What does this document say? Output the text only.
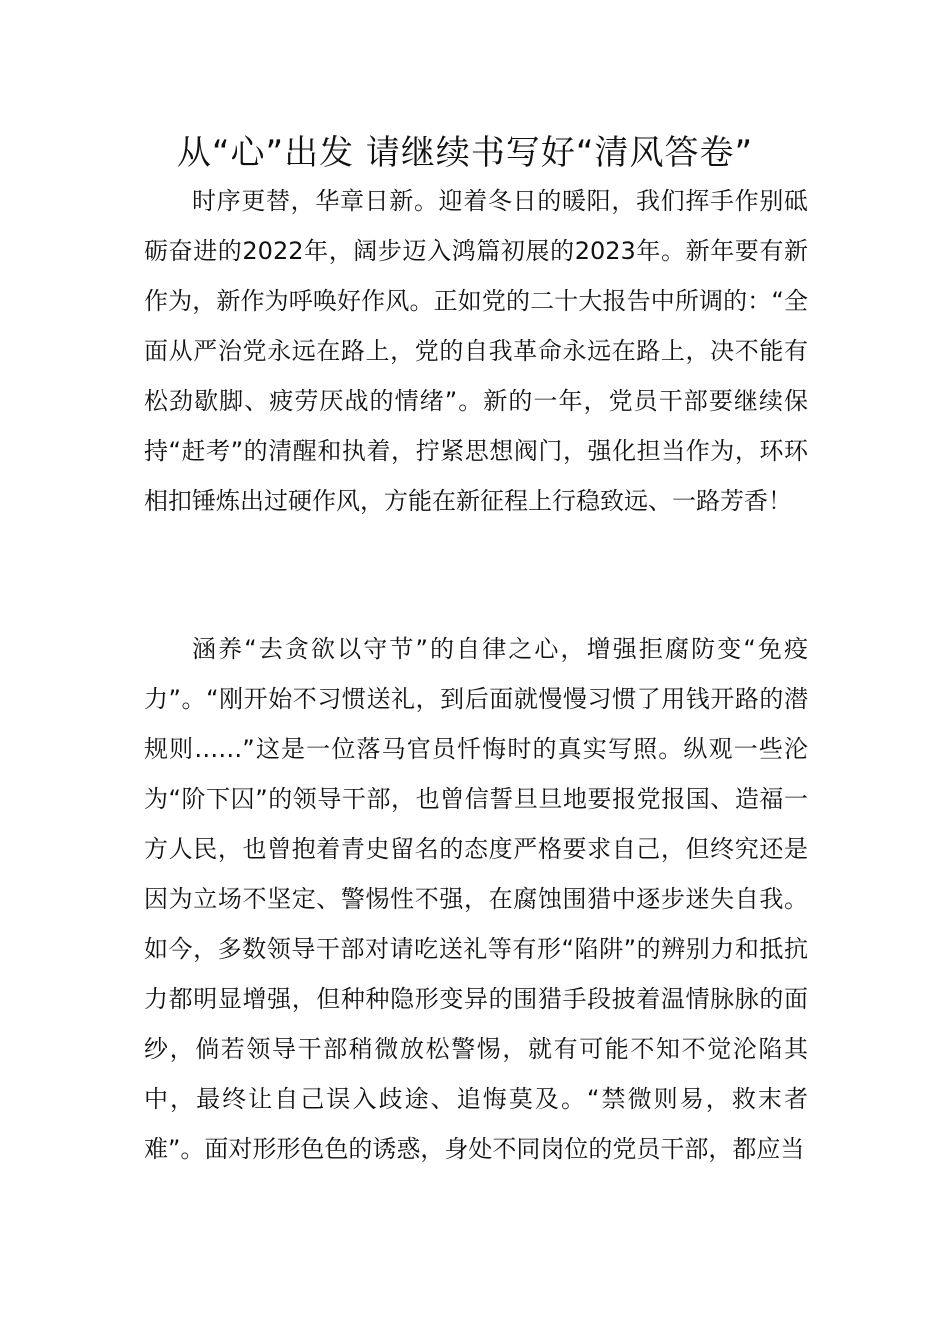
从“心”出发 请继续书写好“清风答卷”

时序更替，华章日新。迎着冬日的暖阳，我们挥手作别砥砺奋进的2022年，阔步迈入鸿篇初展的2023年。新年要有新作为，新作为呼唤好作风。正如党的二十大报告中所调的：“全面从严治党永远在路上，党的自我革命永远在路上，决不能有松劲歇脚、疲劳厌战的情绪”。新的一年，党员干部要继续保持“赶考”的清醒和执着，拧紧思想阀门，强化担当作为，环环相扣锤炼出过硬作风，方能在新征程上行稳致远、一路芳香！

涵养“去贪欲以守节”的自律之心，增强拒腐防变“免疫力”。“刚开始不习惯送礼，到后面就慢慢习惯了用钱开路的潜规则……”这是一位落马官员忏悔时的真实写照。纵观一些沦为“阶下囚”的领导干部，也曾信誓旦旦地要报党报国、造福一方人民，也曾抱着青史留名的态度严格要求自己，但终究还是因为立场不坚定、警惕性不强，在腐蚀围猎中逐步迷失自我。如今，多数领导干部对请吃送礼等有形“陷阱”的辨别力和抵抗力都明显增强，但种种隐形变异的围猎手段披着温情脉脉的面纱，倘若领导干部稍微放松警惕，就有可能不知不觉沦陷其中，最终让自己误入歧途、追悔莫及。“禁微则易，救末者难”。面对形形色色的诱惑，身处不同岗位的党员干部，都应当
